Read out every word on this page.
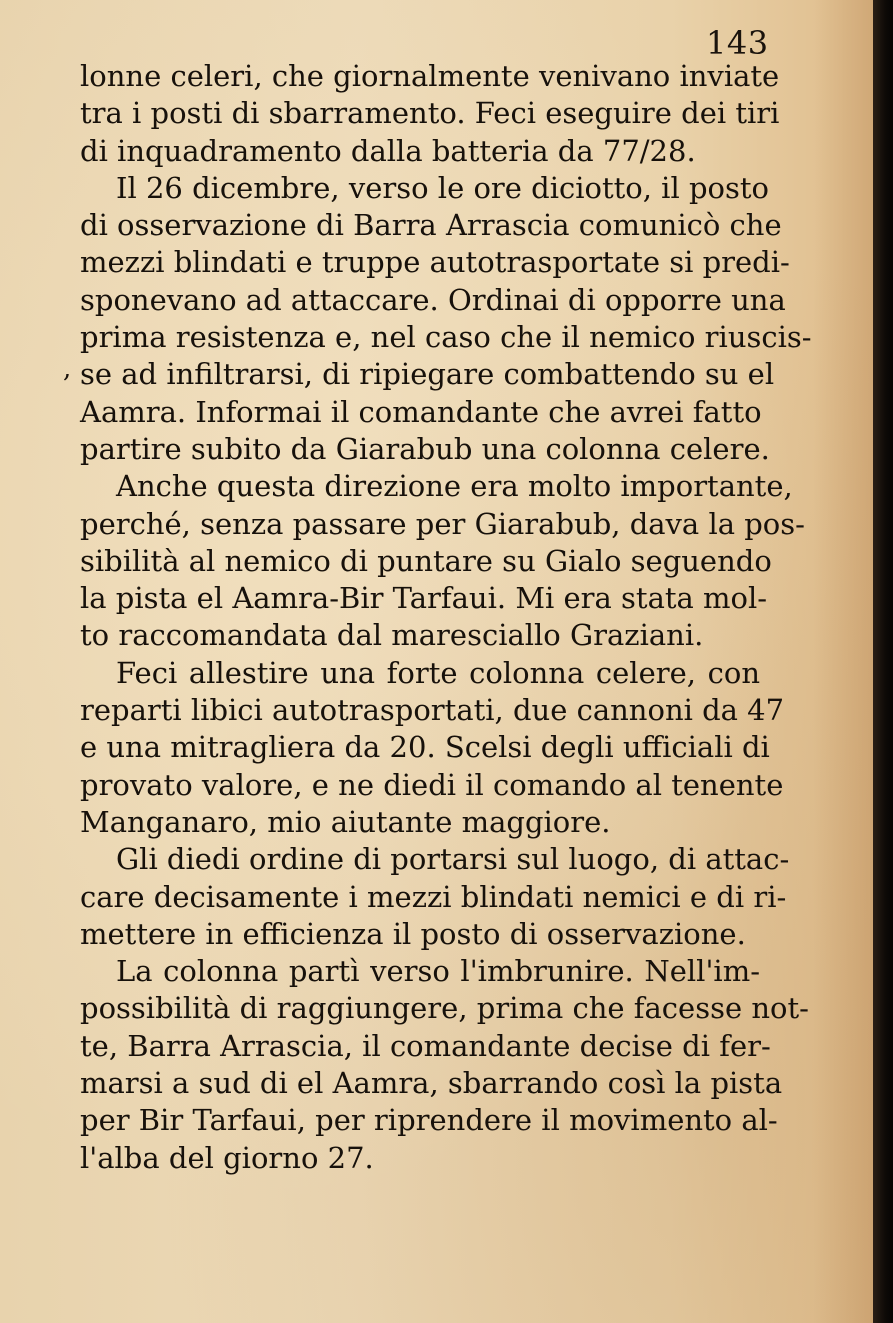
143
,
lonne celeri, che giornalmente venivano inviate
tra i posti di sbarramento. Feci eseguire dei tiri
di inquadramento dalla batteria da 77/28.
Il 26 dicembre, verso le ore diciotto, il posto
di osservazione di Barra Arrascia comunicò che
mezzi blindati e truppe autotrasportate si predi-
sponevano ad attaccare. Ordinai di opporre una
prima resistenza e, nel caso che il nemico riuscis-
se ad infiltrarsi, di ripiegare combattendo su el
Aamra. Informai il comandante che avrei fatto
partire subito da Giarabub una colonna celere.
Anche questa direzione era molto importante,
perché, senza passare per Giarabub, dava la pos-
sibilità al nemico di puntare su Gialo seguendo
la pista el Aamra-Bir Tarfaui. Mi era stata mol-
to raccomandata dal maresciallo Graziani.
Feci allestire una forte colonna celere, con
reparti libici autotrasportati, due cannoni da 47
e una mitragliera da 20. Scelsi degli ufficiali di
provato valore, e ne diedi il comando al tenente
Manganaro, mio aiutante maggiore.
Gli diedi ordine di portarsi sul luogo, di attac-
care decisamente i mezzi blindati nemici e di ri-
mettere in efficienza il posto di osservazione.
La colonna partì verso l'imbrunire. Nell'im-
possibilità di raggiungere, prima che facesse not-
te, Barra Arrascia, il comandante decise di fer-
marsi a sud di el Aamra, sbarrando così la pista
per Bir Tarfaui, per riprendere il movimento al-
l'alba del giorno 27.
